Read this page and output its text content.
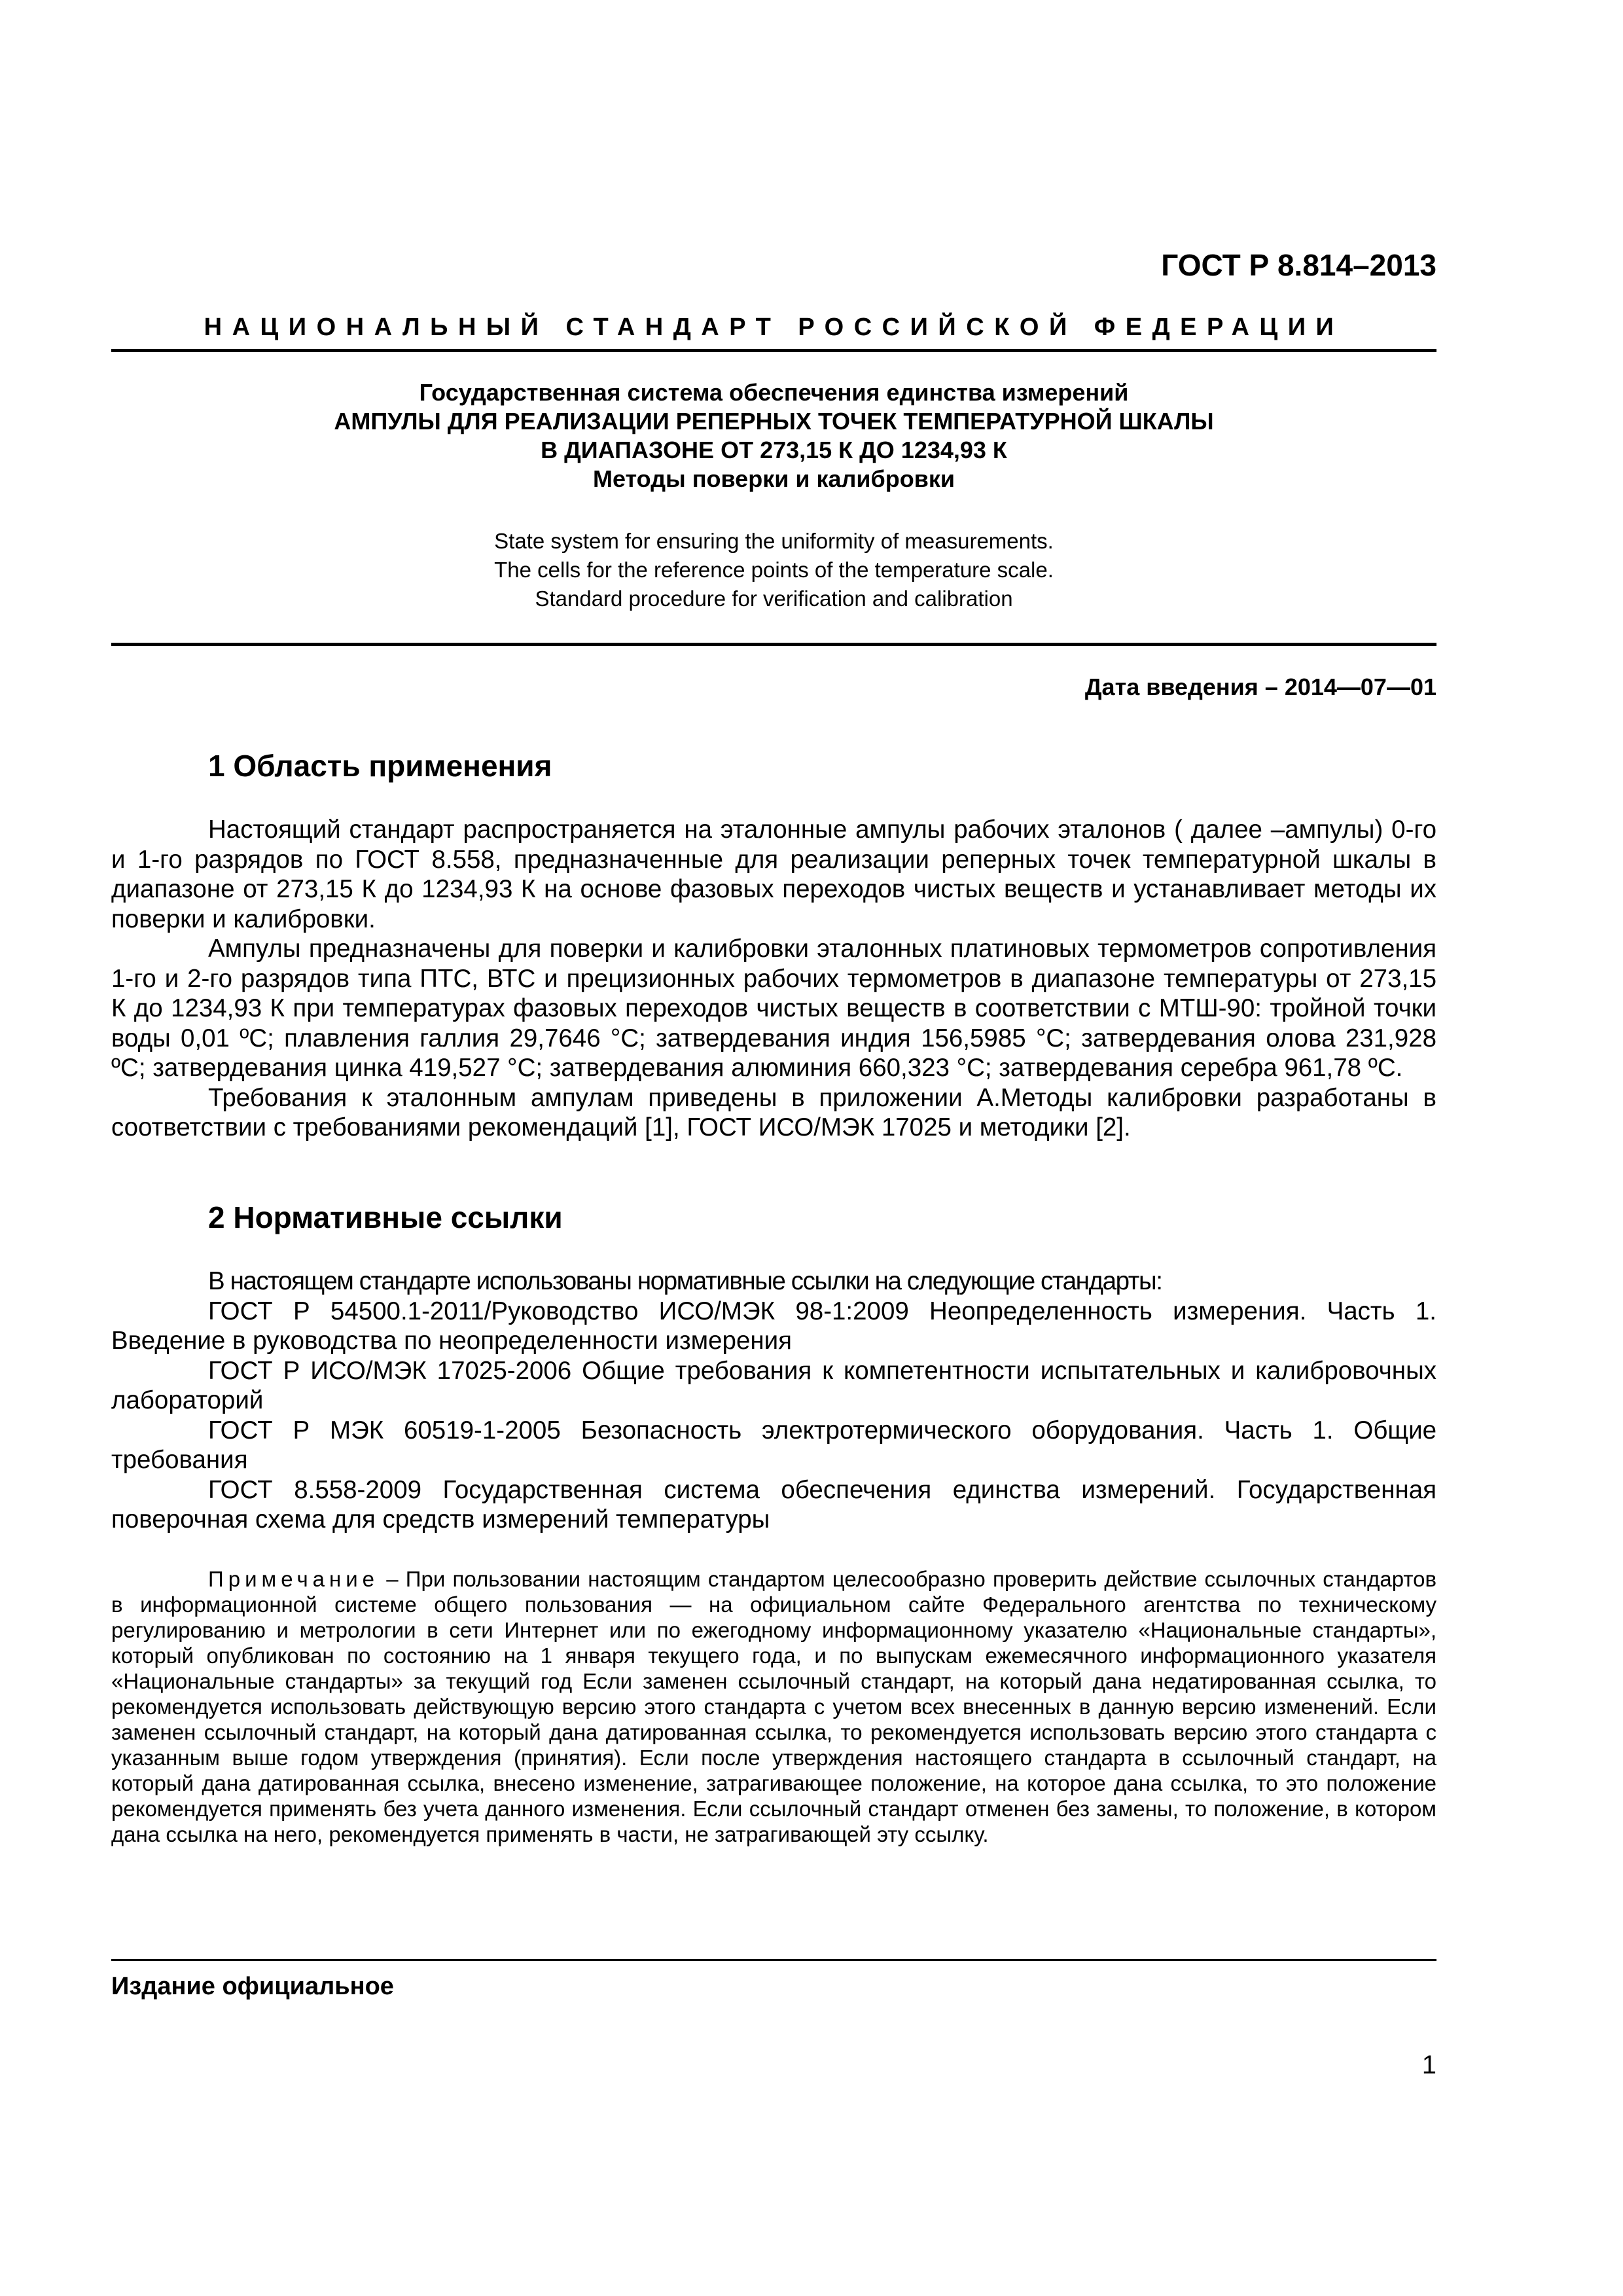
ГОСТ Р 8.814–2013
НАЦИОНАЛЬНЫЙ СТАНДАРТ РОССИЙСКОЙ ФЕДЕРАЦИИ
Государственная система обеспечения единства измерений
АМПУЛЫ ДЛЯ РЕАЛИЗАЦИИ РЕПЕРНЫХ ТОЧЕК ТЕМПЕРАТУРНОЙ ШКАЛЫ
В ДИАПАЗОНЕ ОТ 273,15 К ДО 1234,93 К
Методы поверки и калибровки
State system for ensuring the uniformity of measurements.
The cells for the reference points of the temperature scale.
Standard procedure for verification and calibration
Дата введения – 2014—07—01
1 Область применения

Настоящий стандарт распространяется на эталонные ампулы рабочих эталонов ( далее –ампулы) 0-го и 1-го разрядов по ГОСТ 8.558, предназначенные для реализации реперных точек температурной шкалы в диапазоне от 273,15 К до 1234,93 К на основе фазовых переходов чистых веществ и устанавливает методы их поверки и калибровки.

Ампулы предназначены для поверки и калибровки эталонных платиновых термометров сопротивления 1-го и 2-го разрядов типа ПТС, ВТС и прецизионных рабочих термометров в диапазоне температуры от 273,15 К до 1234,93 К при температурах фазовых переходов чистых веществ в соответствии с МТШ-90: тройной точки воды 0,01 ºС; плавления галлия 29,7646 °С; затвердевания индия 156,5985 °С; затвердевания олова 231,928 ºС; затвердевания цинка 419,527 °С; затвердевания алюминия 660,323 °С; затвердевания серебра 961,78 ºС.

Требования к эталонным ампулам приведены в приложении А.Методы калибровки разработаны в соответствии с требованиями рекомендаций [1], ГОСТ ИСО/МЭК 17025 и методики [2].

2 Нормативные ссылки

В настоящем стандарте использованы нормативные ссылки на следующие стандарты:

ГОСТ Р 54500.1-2011/Руководство ИСО/МЭК 98-1:2009 Неопределенность измерения. Часть 1. Введение в руководства по неопределенности измерения

ГОСТ Р ИСО/МЭК 17025-2006 Общие требования к компетентности испытательных и калибровочных лабораторий

ГОСТ Р МЭК 60519-1-2005 Безопасность электротермического оборудования. Часть 1. Общие требования

ГОСТ 8.558-2009 Государственная система обеспечения единства измерений. Государственная поверочная схема для средств измерений температуры

Примечание – При пользовании настоящим стандартом целесообразно проверить действие ссылочных стандартов в информационной системе общего пользования — на официальном сайте Федерального агентства по техническому регулированию и метрологии в сети Интернет или по ежегодному информационному указателю «Национальные стандарты», который опубликован по состоянию на 1 января текущего года, и по выпускам ежемесячного информационного указателя «Национальные стандарты» за текущий год Если заменен ссылочный стандарт, на который дана недатированная ссылка, то рекомендуется использовать действующую версию этого стандарта с учетом всех внесенных в данную версию изменений. Если заменен ссылочный стандарт, на который дана датированная ссылка, то рекомендуется использовать версию этого стандарта с указанным выше годом утверждения (принятия). Если после утверждения настоящего стандарта в ссылочный стандарт, на который дана датированная ссылка, внесено изменение, затрагивающее положение, на которое дана ссылка, то это положение рекомендуется применять без учета данного изменения. Если ссылочный стандарт отменен без замены, то положение, в котором дана ссылка на него, рекомендуется применять в части, не затрагивающей эту ссылку.

Издание официальное
1
